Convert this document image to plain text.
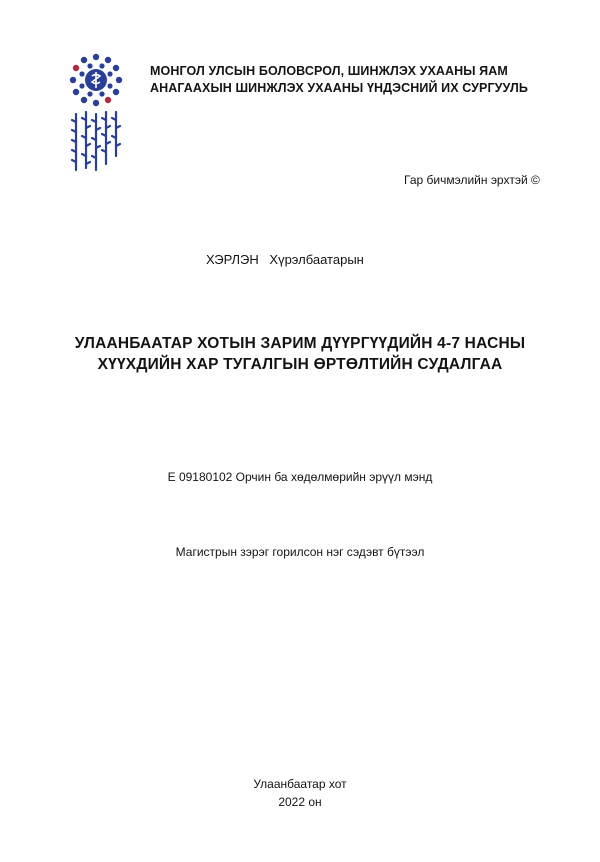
МОНГОЛ УЛСЫН БОЛОВСРОЛ, ШИНЖЛЭХ УХААНЫ ЯАМ
АНАГААХЫН ШИНЖЛЭХ УХААНЫ ҮНДЭСНИЙ ИХ СУРГУУЛЬ
Гар бичмэлийн эрхтэй ©
ХЭРЛЭН Хүрэлбаатарын
УЛААНБААТАР ХОТЫН ЗАРИМ ДҮҮРГҮҮДИЙН 4-7 НАСНЫ
ХҮҮХДИЙН ХАР ТУГАЛГЫН ӨРТӨЛТИЙН СУДАЛГАА
Е 09180102 Орчин ба хөдөлмөрийн эрүүл мэнд
Магистрын зэрэг горилсон нэг сэдэвт бүтээл
Улаанбаатар хот
2022 он
